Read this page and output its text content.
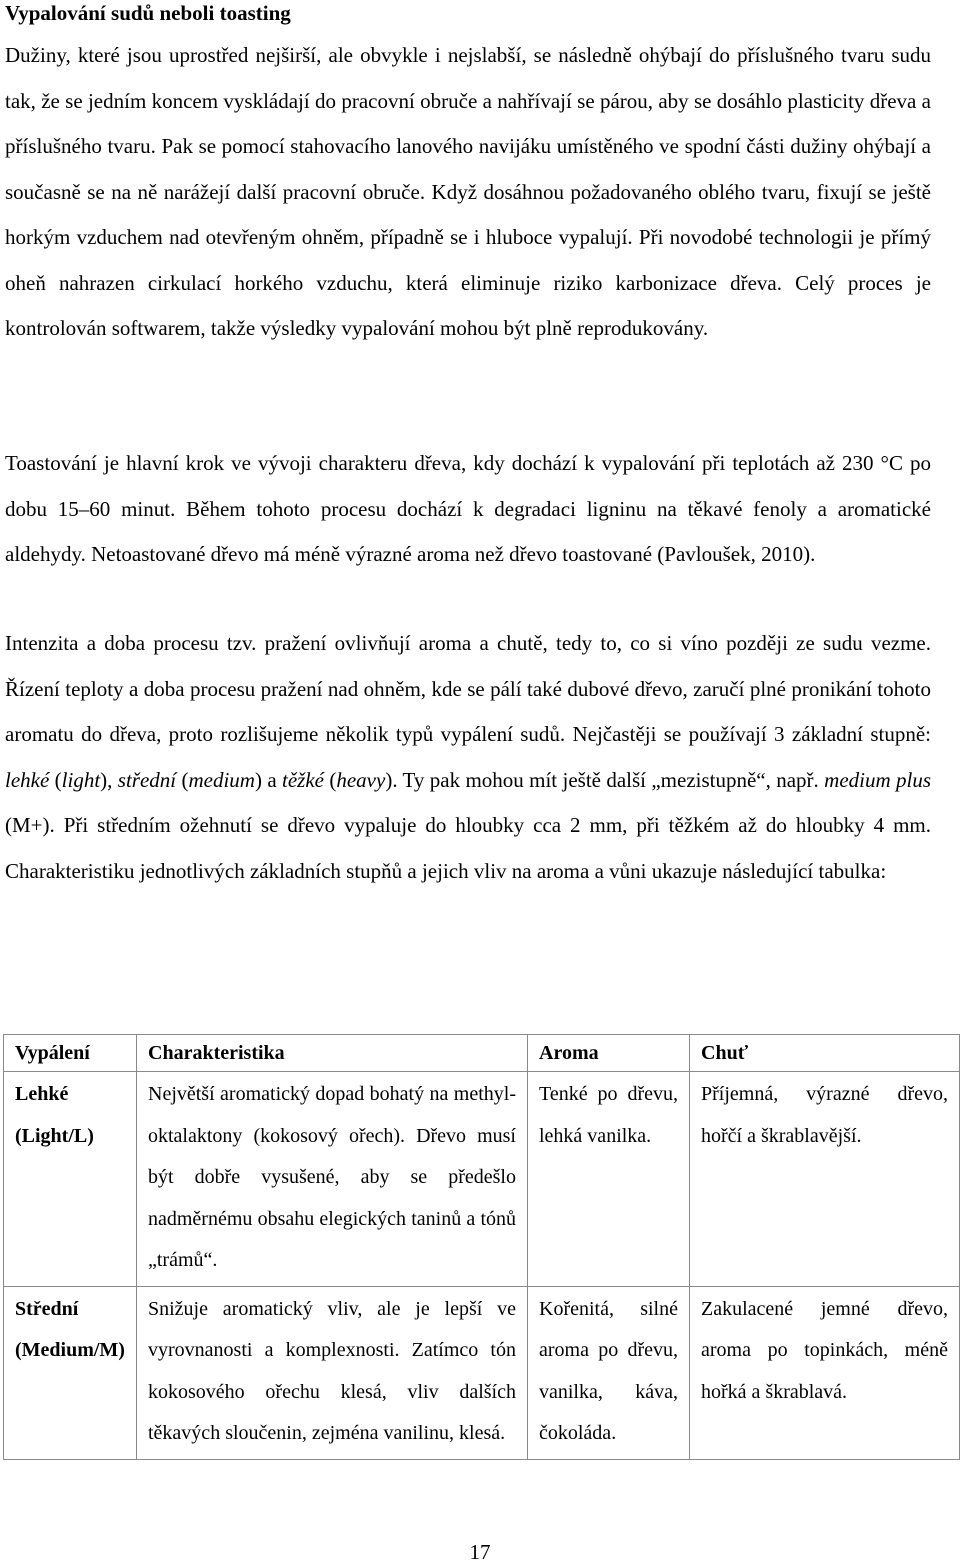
Vypalování sudů neboli toasting
Dužiny, které jsou uprostřed nejširší, ale obvykle i nejslabší, se následně ohýbají do příslušného tvaru sudu tak, že se jedním koncem vyskládají do pracovní obruče a nahřívají se párou, aby se dosáhlo plasticity dřeva a příslušného tvaru. Pak se pomocí stahovacího lanového navijáku umístěného ve spodní části dužiny ohýbají a současně se na ně narážejí další pracovní obruče. Když dosáhnou požadovaného oblého tvaru, fixují se ještě horkým vzduchem nad otevřeným ohněm, případně se i hluboce vypalují. Při novodobé technologii je přímý oheň nahrazen cirkulací horkého vzduchu, která eliminuje riziko karbonizace dřeva. Celý proces je kontrolován softwarem, takže výsledky vypalování mohou být plně reprodukovány.
Toastování je hlavní krok ve vývoji charakteru dřeva, kdy dochází k vypalování při teplotách až 230 °C po dobu 15–60 minut. Během tohoto procesu dochází k degradaci ligninu na těkavé fenoly a aromatické aldehydy. Netoastované dřevo má méně výrazné aroma než dřevo toastované (Pavloušek, 2010).
Intenzita a doba procesu tzv. pražení ovlivňují aroma a chutě, tedy to, co si víno později ze sudu vezme. Řízení teploty a doba procesu pražení nad ohněm, kde se pálí také dubové dřevo, zaručí plné pronikání tohoto aromatu do dřeva, proto rozlišujeme několik typů vypálení sudů. Nejčastěji se používají 3 základní stupně: lehké (light), střední (medium) a těžké (heavy). Ty pak mohou mít ještě další „mezistupně“, např. medium plus (M+). Při středním ožehnutí se dřevo vypaluje do hloubky cca 2 mm, při těžkém až do hloubky 4 mm. Charakteristiku jednotlivých základních stupňů a jejich vliv na aroma a vůni ukazuje následující tabulka:
Vypálení	Charakteristika	Aroma	Chuť
Lehké (Light/L)	Největší aromatický dopad bohatý na methyl-oktalaktony (kokosový ořech). Dřevo musí být dobře vysušené, aby se předešlo nadměrnému obsahu elegických taninů a tónů „trámů“.	Tenké po dřevu, lehká vanilka.	Příjemná, výrazné dřevo, hořčí a škrablavější.
Střední (Medium/M)	Snižuje aromatický vliv, ale je lepší ve vyrovnanosti a komplexnosti. Zatímco tón kokosového ořechu klesá, vliv dalších těkavých sloučenin, zejména vanilinu, klesá.	Kořenitá, silné aroma po dřevu, vanilka, káva, čokoláda.	Zakulacené jemné dřevo, aroma po topinkách, méně hořká a škrablavá.
17
